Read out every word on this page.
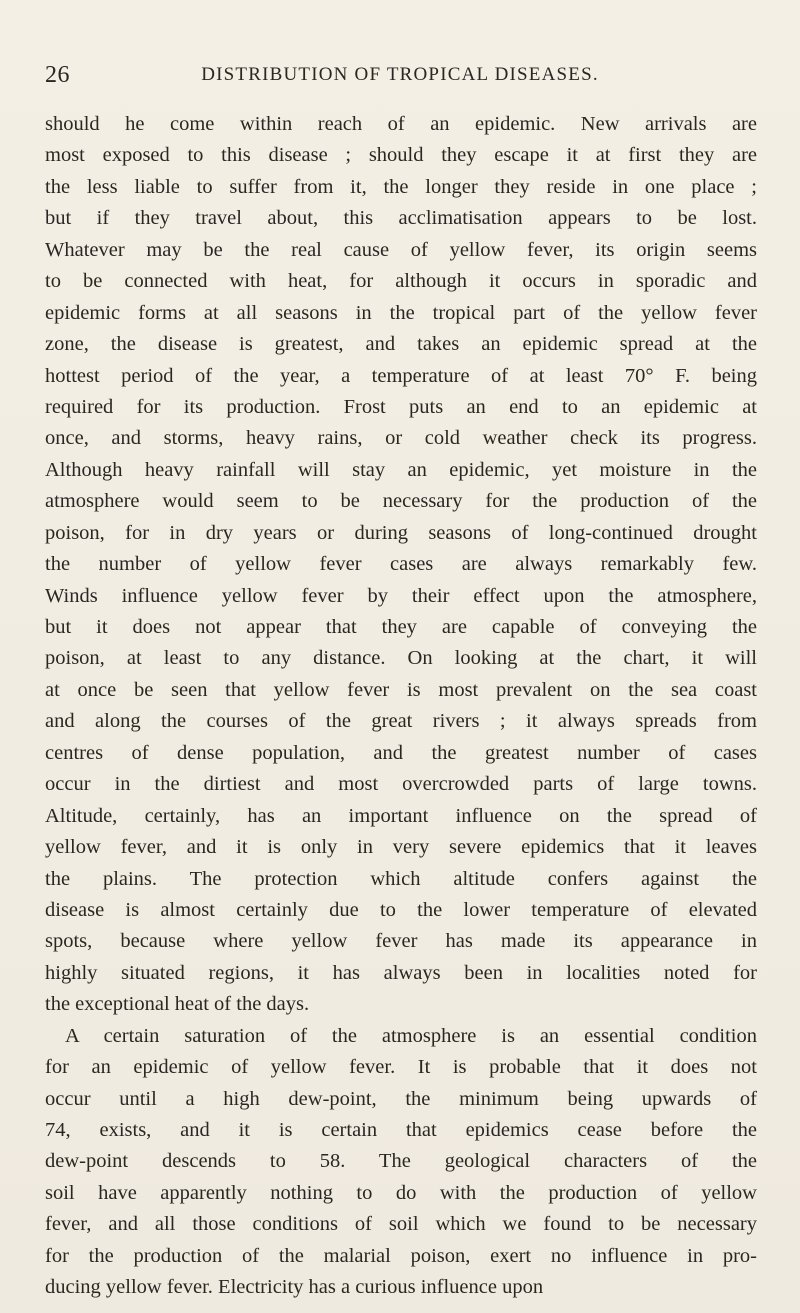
26	DISTRIBUTION OF TROPICAL DISEASES.
should he come within reach of an epidemic. New arrivals are
most exposed to this disease ; should they escape it at first they are
the less liable to suffer from it, the longer they reside in one place ;
but if they travel about, this acclimatisation appears to be lost.
Whatever may be the real cause of yellow fever, its origin seems
to be connected with heat, for although it occurs in sporadic and
epidemic forms at all seasons in the tropical part of the yellow fever
zone, the disease is greatest, and takes an epidemic spread at the
hottest period of the year, a temperature of at least 70° F. being
required for its production. Frost puts an end to an epidemic at
once, and storms, heavy rains, or cold weather check its progress.
Although heavy rainfall will stay an epidemic, yet moisture in the
atmosphere would seem to be necessary for the production of the
poison, for in dry years or during seasons of long-continued drought
the number of yellow fever cases are always remarkably few.
Winds influence yellow fever by their effect upon the atmosphere,
but it does not appear that they are capable of conveying the
poison, at least to any distance. On looking at the chart, it will
at once be seen that yellow fever is most prevalent on the sea coast
and along the courses of the great rivers ; it always spreads from
centres of dense population, and the greatest number of cases
occur in the dirtiest and most overcrowded parts of large towns.
Altitude, certainly, has an important influence on the spread of
yellow fever, and it is only in very severe epidemics that it leaves
the plains. The protection which altitude confers against the
disease is almost certainly due to the lower temperature of elevated
spots, because where yellow fever has made its appearance in
highly situated regions, it has always been in localities noted for
the exceptional heat of the days.
A certain saturation of the atmosphere is an essential condition
for an epidemic of yellow fever. It is probable that it does not
occur until a high dew-point, the minimum being upwards of
74, exists, and it is certain that epidemics cease before the
dew-point descends to 58. The geological characters of the
soil have apparently nothing to do with the production of yellow
fever, and all those conditions of soil which we found to be necessary
for the production of the malarial poison, exert no influence in pro-
ducing yellow fever. Electricity has a curious influence upon
